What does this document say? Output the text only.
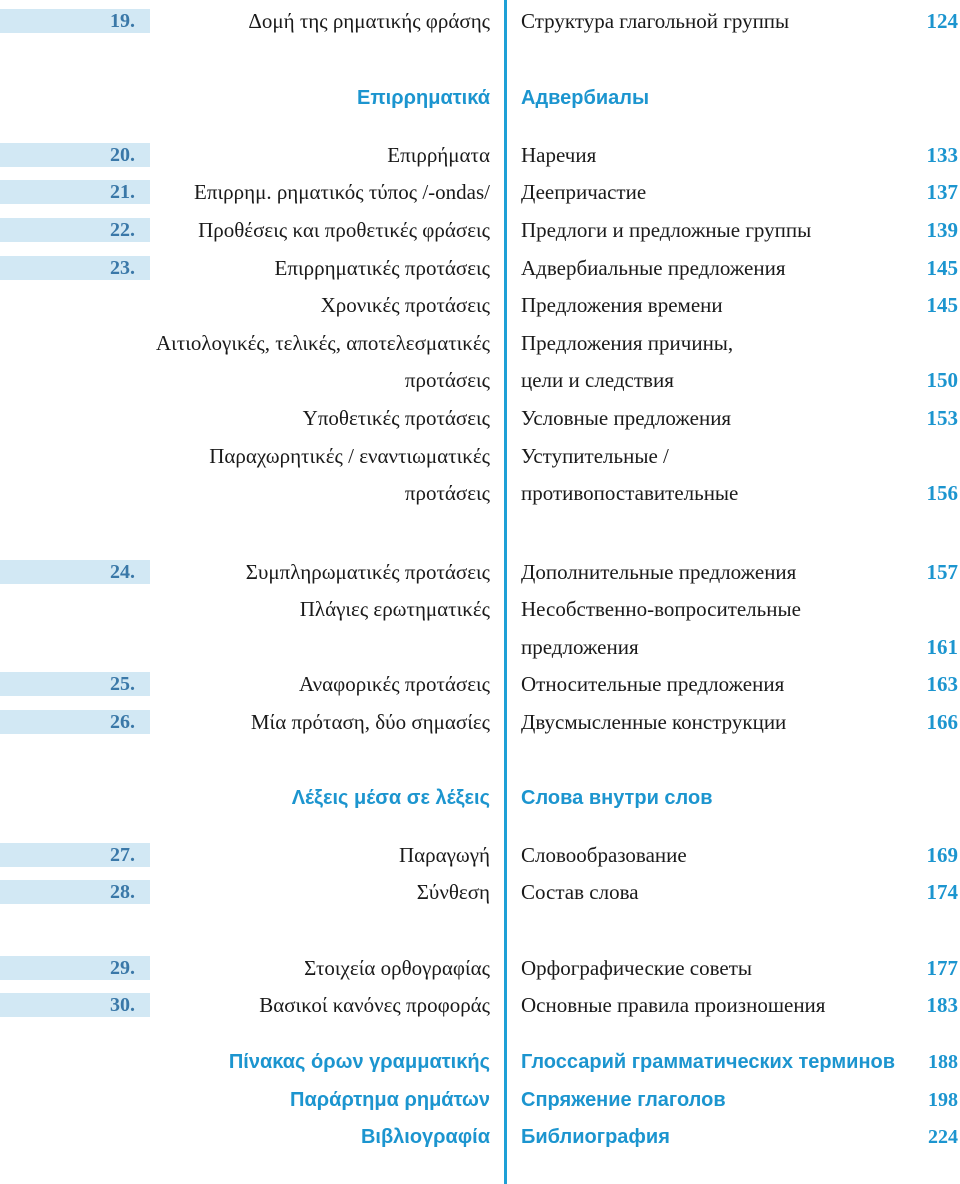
19.	Δομή της ρηματικής φράσης Структура глагольной группы	124
Επιρρηματικά Адвербиалы
20.	Επιρρήματα Наречия	133
21.	Επιρρημ. ρηματικός τύπος /-ondas/ Деепричастие	137
22.	Προθέσεις και προθετικές φράσεις Предлоги и предложные группы	139
23.	Επιρρηματικές προτάσεις Адвербиальные предложения	145
Χρονικές προτάσεις Предложения времени	145
Αιτιολογικές, τελικές, αποτελεσματικές Предложения причины,
προτάσεις цели и следствия	150
Υποθετικές προτάσεις Условные предложения	153
Παραχωρητικές / εναντιωματικές Уступительные /
προτάσεις противопоставительные	156
24.	Συμπληρωματικές προτάσεις Дополнительные предложения	157
Πλάγιες ερωτηματικές Несобственно-вопросительные
предложения	161
25.	Αναφορικές προτάσεις Относительные предложения	163
26.	Μία πρόταση, δύο σημασίες Двусмысленные конструкции	166
Λέξεις μέσα σε λέξεις Слова внутри слов
27.	Παραγωγή Словообразование	169
28.	Σύνθεση Состав слова	174
29.	Στοιχεία ορθογραφίας Орфографические советы	177
30.	Βασικοί κανόνες προφοράς Основные правила произношения	183
Πίνακας όρων γραμματικής Глоссарий грамматических терминов 188
Παράρτημα ρημάτων Спряжение глаголов	198
Βιβλιογραφία Библиография	224
